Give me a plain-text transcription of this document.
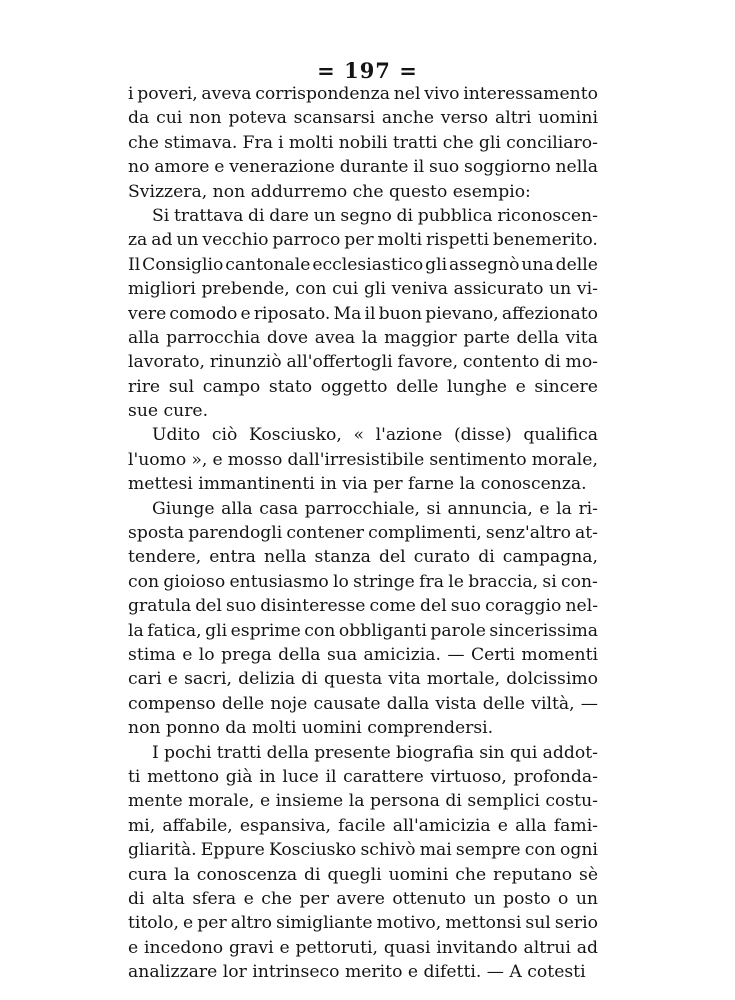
= 197 =
i poveri, aveva corrispondenza nel vivo interessamento
da cui non poteva scansarsi anche verso altri uomini
che stimava. Fra i molti nobili tratti che gli conciliaro-
no amore e venerazione durante il suo soggiorno nella
Svizzera, non addurremo che questo esempio:
Si trattava di dare un segno di pubblica riconoscen-
za ad un vecchio parroco per molti rispetti benemerito.
Il Consiglio cantonale ecclesiastico gli assegnò una delle
migliori prebende, con cui gli veniva assicurato un vi-
vere comodo e riposato. Ma il buon pievano, affezionato
alla parrocchia dove avea la maggior parte della vita
lavorato, rinunziò all'offertogli favore, contento di mo-
rire sul campo stato oggetto delle lunghe e sincere
sue cure.
Udito ciò Kosciusko, « l'azione (disse) qualifica
l'uomo », e mosso dall'irresistibile sentimento morale,
mettesi immantinenti in via per farne la conoscenza.
Giunge alla casa parrocchiale, si annuncia, e la ri-
sposta parendogli contener complimenti, senz'altro at-
tendere, entra nella stanza del curato di campagna,
con gioioso entusiasmo lo stringe fra le braccia, si con-
gratula del suo disinteresse come del suo coraggio nel-
la fatica, gli esprime con obbliganti parole sincerissima
stima e lo prega della sua amicizia. — Certi momenti
cari e sacri, delizia di questa vita mortale, dolcissimo
compenso delle noje causate dalla vista delle viltà, —
non ponno da molti uomini comprendersi.
I pochi tratti della presente biografia sin qui addot-
ti mettono già in luce il carattere virtuoso, profonda-
mente morale, e insieme la persona di semplici costu-
mi, affabile, espansiva, facile all'amicizia e alla fami-
gliarità. Eppure Kosciusko schivò mai sempre con ogni
cura la conoscenza di quegli uomini che reputano sè
di alta sfera e che per avere ottenuto un posto o un
titolo, e per altro simigliante motivo, mettonsi sul serio
e incedono gravi e pettoruti, quasi invitando altrui ad
analizzare lor intrinseco merito e difetti. — A cotesti
